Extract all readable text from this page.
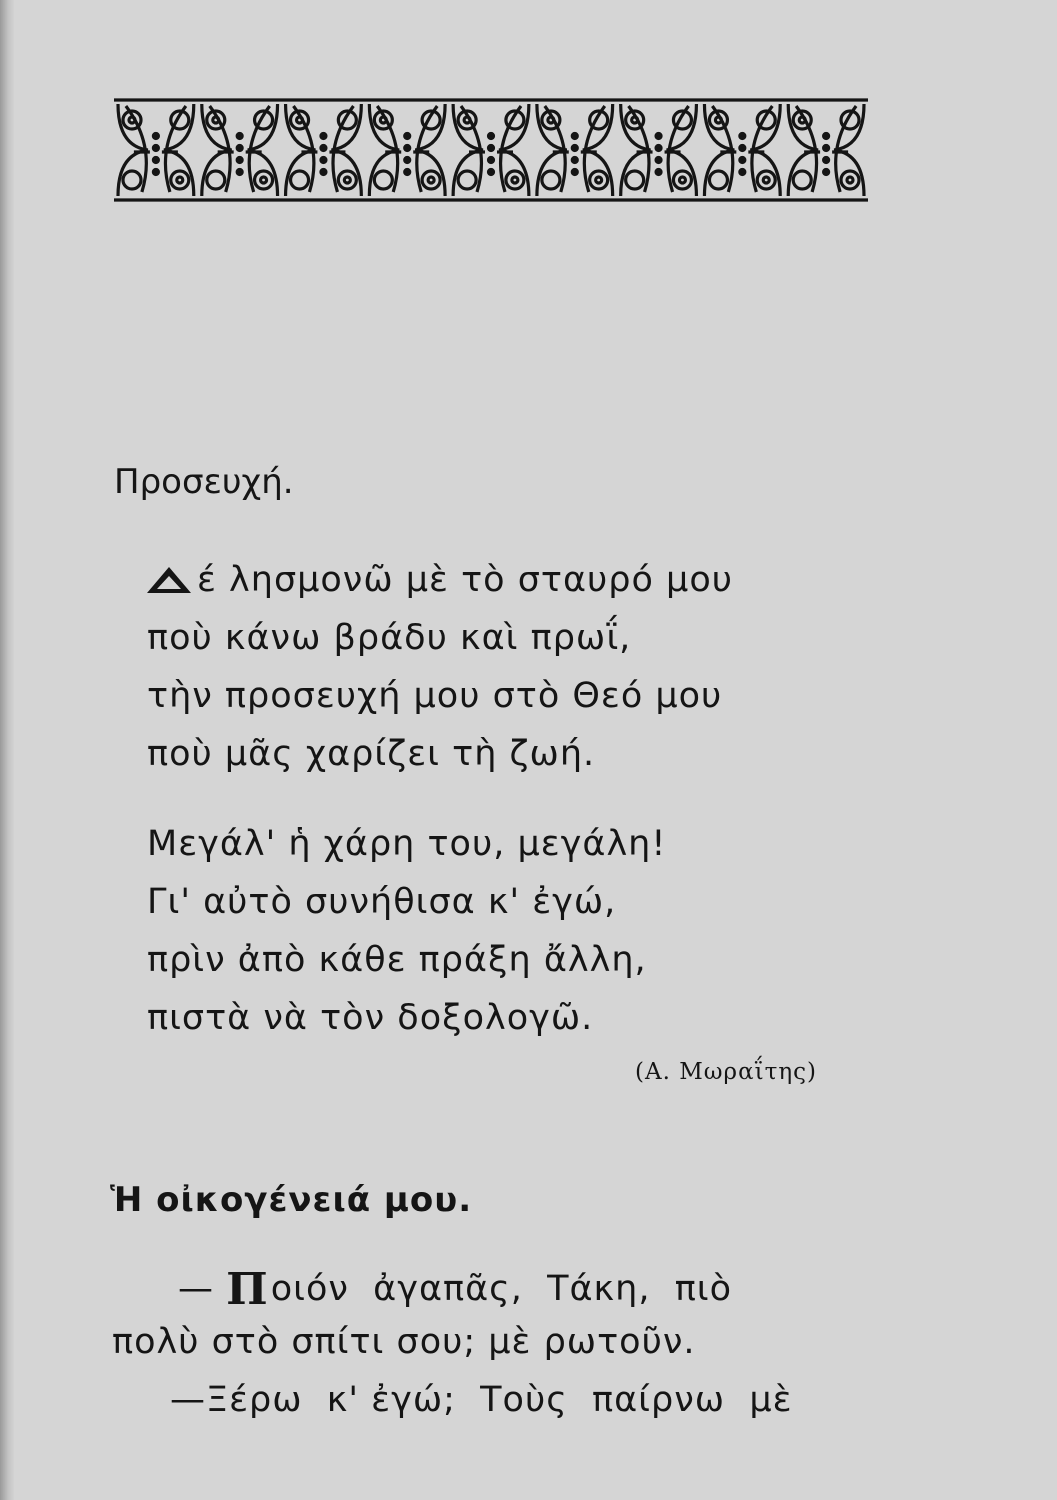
Προσευχή.
έ λησμονῶ μὲ τὸ σταυρό μου
ποὺ κάνω βράδυ καὶ πρωΐ,
τὴν προσευχή μου στὸ Θεό μου
ποὺ μᾶς χαρίζει τὴ ζωή.
Μεγάλ' ἡ χάρη του, μεγάλη!
Γι' αὐτὸ συνήθισα κ' ἐγώ,
πρὶν ἀπὸ κάθε πράξη ἄλλη,
πιστὰ νὰ τὸν δοξολογῶ.
(Α. Μωραΐτης)
Ἡ οἰκογένειά μου.
— Ποιόν  ἀγαπᾶς,  Τάκη,  πιὸ
πολὺ στὸ σπίτι σου; μὲ ρωτοῦν.
—Ξέρω  κ' ἐγώ;  Τοὺς  παίρνω  μὲ
